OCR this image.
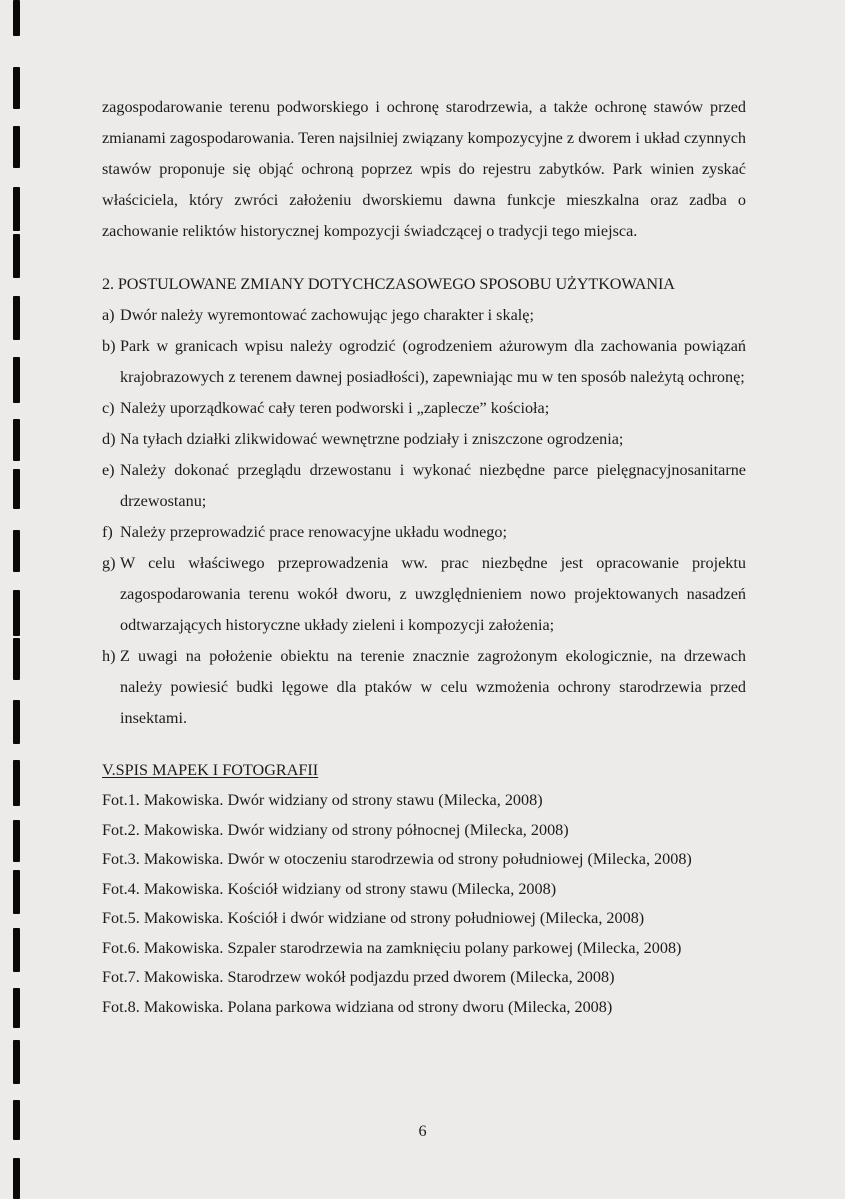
zagospodarowanie terenu podworskiego i ochronę starodrzewia, a także ochronę stawów przed zmianami zagospodarowania. Teren najsilniej związany kompozycyjne z dworem i układ czynnych stawów proponuje się objąć ochroną poprzez wpis do rejestru zabytków. Park winien zyskać właściciela, który zwróci założeniu dworskiemu dawna funkcje mieszkalna oraz zadba o zachowanie reliktów historycznej kompozycji świadczącej o tradycji tego miejsca.

2. POSTULOWANE ZMIANY DOTYCHCZASOWEGO SPOSOBU UŻYTKOWANIA

a) Dwór należy wyremontować zachowując jego charakter i skalę;
b) Park w granicach wpisu należy ogrodzić (ogrodzeniem ażurowym dla zachowania powiązań krajobrazowych z terenem dawnej posiadłości), zapewniając mu w ten sposób należytą ochronę;
c) Należy uporządkować cały teren podworski i „zaplecze” kościoła;
d) Na tyłach działki zlikwidować wewnętrzne podziały i zniszczone ogrodzenia;
e) Należy dokonać przeglądu drzewostanu i wykonać niezbędne parce pielęgnacyjnosanitarne drzewostanu;
f) Należy przeprowadzić prace renowacyjne układu wodnego;
g) W celu właściwego przeprowadzenia ww. prac niezbędne jest opracowanie projektu zagospodarowania terenu wokół dworu, z uwzględnieniem nowo projektowanych nasadzeń odtwarzających historyczne układy zieleni i kompozycji założenia;
h) Z uwagi na położenie obiektu na terenie znacznie zagrożonym ekologicznie, na drzewach należy powiesić budki lęgowe dla ptaków w celu wzmożenia ochrony starodrzewia przed insektami.

V.SPIS MAPEK I FOTOGRAFII

Fot.1. Makowiska. Dwór widziany od strony stawu (Milecka, 2008)
Fot.2. Makowiska. Dwór widziany od strony północnej (Milecka, 2008)
Fot.3. Makowiska. Dwór w otoczeniu starodrzewia od strony południowej (Milecka, 2008)
Fot.4. Makowiska. Kościół widziany od strony stawu (Milecka, 2008)
Fot.5. Makowiska. Kościół i dwór widziane od strony południowej (Milecka, 2008)
Fot.6. Makowiska. Szpaler starodrzewia na zamknięciu polany parkowej (Milecka, 2008)
Fot.7. Makowiska. Starodrzew wokół podjazdu przed dworem (Milecka, 2008)
Fot.8. Makowiska. Polana parkowa widziana od strony dworu (Milecka, 2008)
6
